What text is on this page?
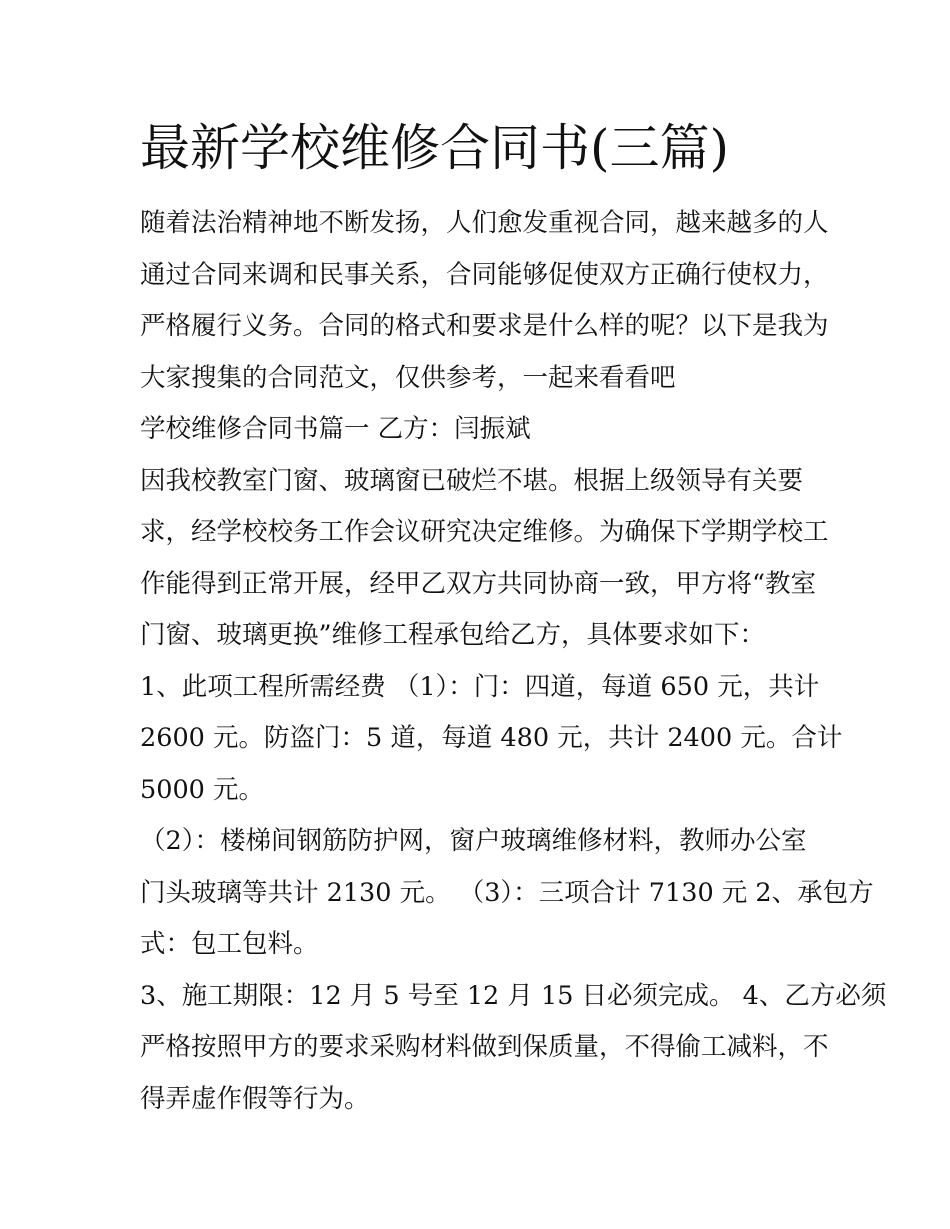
最新学校维修合同书(三篇)

随着法治精神地不断发扬，人们愈发重视合同，越来越多的人
通过合同来调和民事关系，合同能够促使双方正确行使权力，
严格履行义务。合同的格式和要求是什么样的呢？以下是我为
大家搜集的合同范文，仅供参考，一起来看看吧

学校维修合同书篇一 乙方：闫振斌

因我校教室门窗、玻璃窗已破烂不堪。根据上级领导有关要
求，经学校校务工作会议研究决定维修。为确保下学期学校工
作能得到正常开展，经甲乙双方共同协商一致，甲方将“教室
门窗、玻璃更换”维修工程承包给乙方，具体要求如下：

1、此项工程所需经费 （1）：门：四道，每道 650 元，共计
2600 元。防盗门：5 道，每道 480 元，共计 2400 元。合计
5000 元。

（2）：楼梯间钢筋防护网，窗户玻璃维修材料，教师办公室
门头玻璃等共计 2130 元。 （3）：三项合计 7130 元 2、承包方
式：包工包料。

3、施工期限：12 月 5 号至 12 月 15 日必须完成。 4、乙方必须
严格按照甲方的要求采购材料做到保质量，不得偷工减料，不
得弄虚作假等行为。
